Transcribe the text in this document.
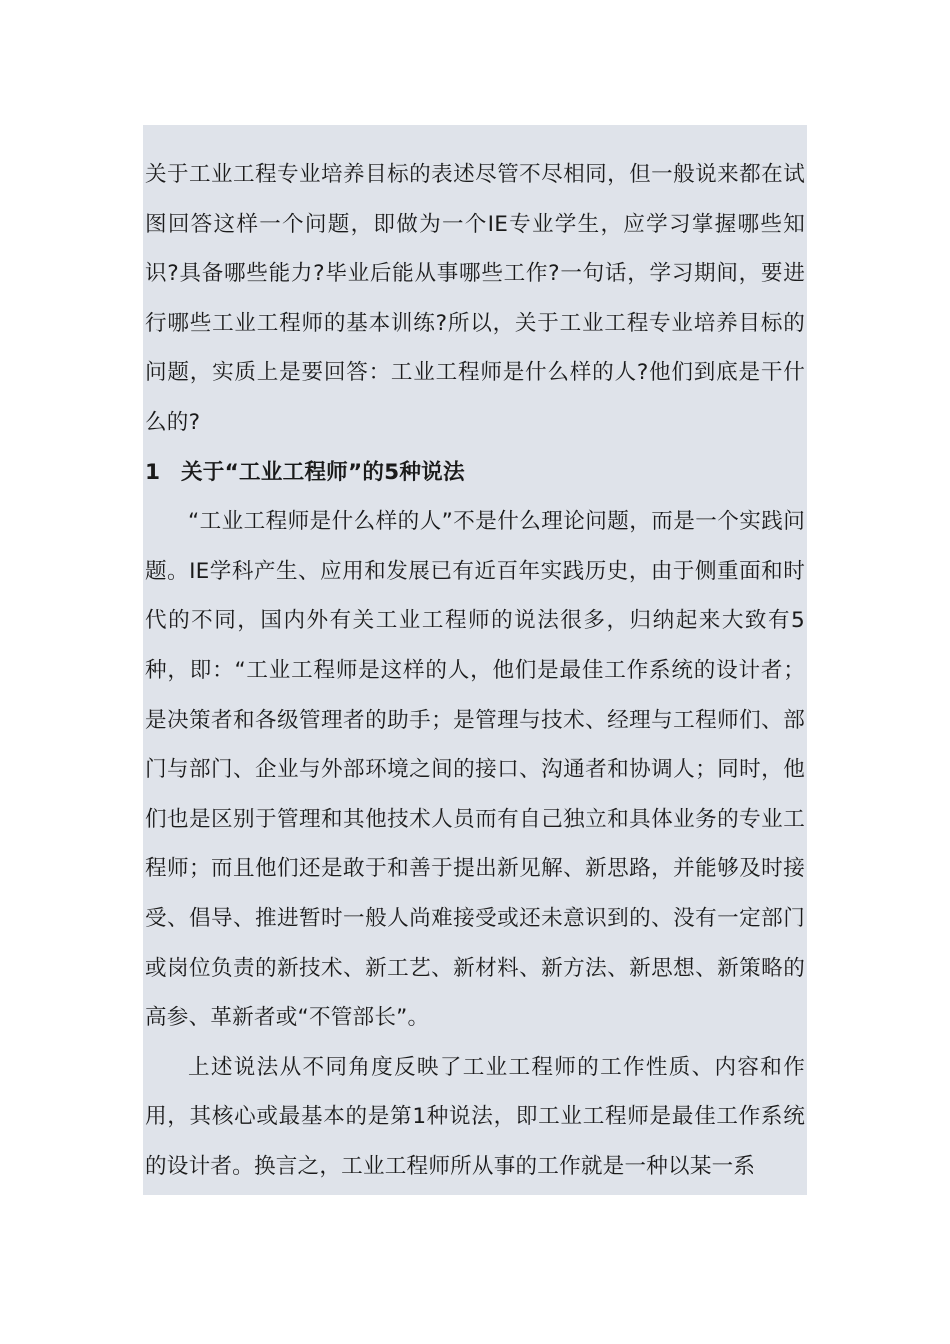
关于工业工程专业培养目标的表述尽管不尽相同，但一般说来都在试图回答这样一个问题，即做为一个IE专业学生，应学习掌握哪些知识?具备哪些能力?毕业后能从事哪些工作?一句话，学习期间，要进行哪些工业工程师的基本训练?所以，关于工业工程专业培养目标的问题，实质上是要回答：工业工程师是什么样的人?他们到底是干什么的?

1 关于“工业工程师”的5种说法

“工业工程师是什么样的人”不是什么理论问题，而是一个实践问题。IE学科产生、应用和发展已有近百年实践历史，由于侧重面和时代的不同，国内外有关工业工程师的说法很多，归纳起来大致有5种，即：“工业工程师是这样的人，他们是最佳工作系统的设计者；是决策者和各级管理者的助手；是管理与技术、经理与工程师们、部门与部门、企业与外部环境之间的接口、沟通者和协调人；同时，他们也是区别于管理和其他技术人员而有自己独立和具体业务的专业工程师；而且他们还是敢于和善于提出新见解、新思路，并能够及时接受、倡导、推进暂时一般人尚难接受或还未意识到的、没有一定部门或岗位负责的新技术、新工艺、新材料、新方法、新思想、新策略的高参、革新者或“不管部长”。

上述说法从不同角度反映了工业工程师的工作性质、内容和作用，其核心或最基本的是第1种说法，即工业工程师是最佳工作系统的设计者。换言之，工业工程师所从事的工作就是一种以某一系
